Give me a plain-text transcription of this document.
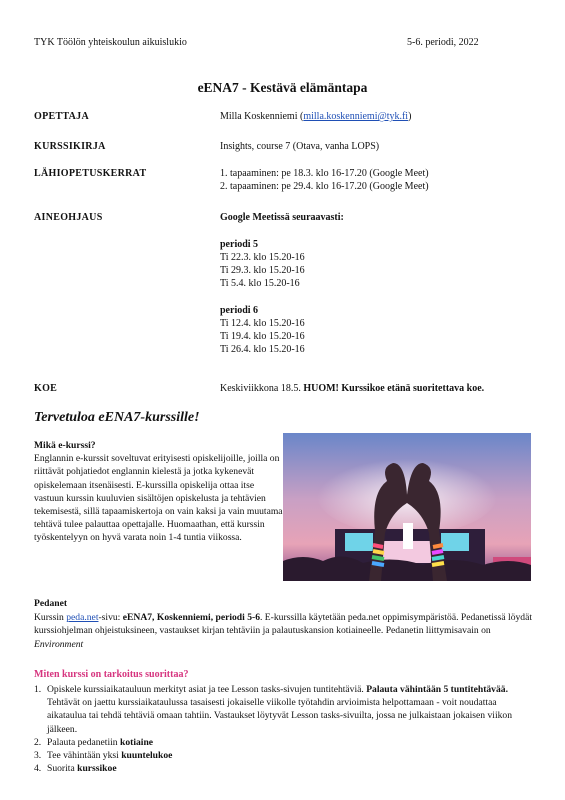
TYK Töölön yhteiskoulun aikuislukio	5-6. periodi, 2022
eENA7 - Kestävä elämäntapa
OPETTAJA	Milla Koskenniemi (milla.koskenniemi@tyk.fi)
KURSSIKIRJA	Insights, course 7 (Otava, vanha LOPS)
LÄHIOPETUSKERRAT	1. tapaaminen: pe 18.3. klo 16-17.20 (Google Meet)
2. tapaaminen: pe 29.4. klo 16-17.20 (Google Meet)
AINEOHJAUS	Google Meetissä seuraavasti:
periodi 5
Ti 22.3. klo 15.20-16
Ti 29.3. klo 15.20-16
Ti 5.4. klo 15.20-16
periodi 6
Ti 12.4. klo 15.20-16
Ti 19.4. klo 15.20-16
Ti 26.4. klo 15.20-16
KOE	Keskiviikkona 18.5. HUOM! Kurssikoe etänä suoritettava koe.
Tervetuloa eENA7-kurssille!
Mikä e-kurssi?
Englannin e-kurssit soveltuvat erityisesti opiskelijoille, joilla on riittävät pohjatiedot englannin kielestä ja jotka kykenevät opiskelemaan itsenäisesti. E-kurssilla opiskelija ottaa itse vastuun kurssin kuuluvien sisältöjen opiskelusta ja tehtävien tekemisestä, sillä tapaamiskertoja on vain kaksi ja vain muutama tehtävä tulee palauttaa opettajalle. Huomaathan, että kurssin työskentelyyn on hyvä varata noin 1-4 tuntia viikossa.
Pedanet
Kurssin peda.net-sivu: eENA7, Koskenniemi, periodi 5-6. E-kurssilla käytetään peda.net oppimisympäristöä. Pedanetissä löydät kurssiohjelman ohjeistuksineen, vastaukset kirjan tehtäviin ja palautuskansion kotiaineelle. Pedanetin liittymisavain on Environment
Miten kurssi on tarkoitus suorittaa?
1. Opiskele kurssiaikatauluun merkityt asiat ja tee Lesson tasks-sivujen tuntitehtäviä. Palauta vähintään 5 tuntitehtävää. Tehtävät on jaettu kurssiaikataulussa tasaisesti jokaiselle viikolle työtahdin arvioimista helpottamaan - voit noudattaa aikataulua tai tehdä tehtäviä omaan tahtiin. Vastaukset löytyvät Lesson tasks-sivuilta, jossa ne julkaistaan jokaisen viikon jälkeen.
2. Palauta pedanetiin kotiaine
3. Tee vähintään yksi kuuntelukoe
4. Suorita kurssikoe
